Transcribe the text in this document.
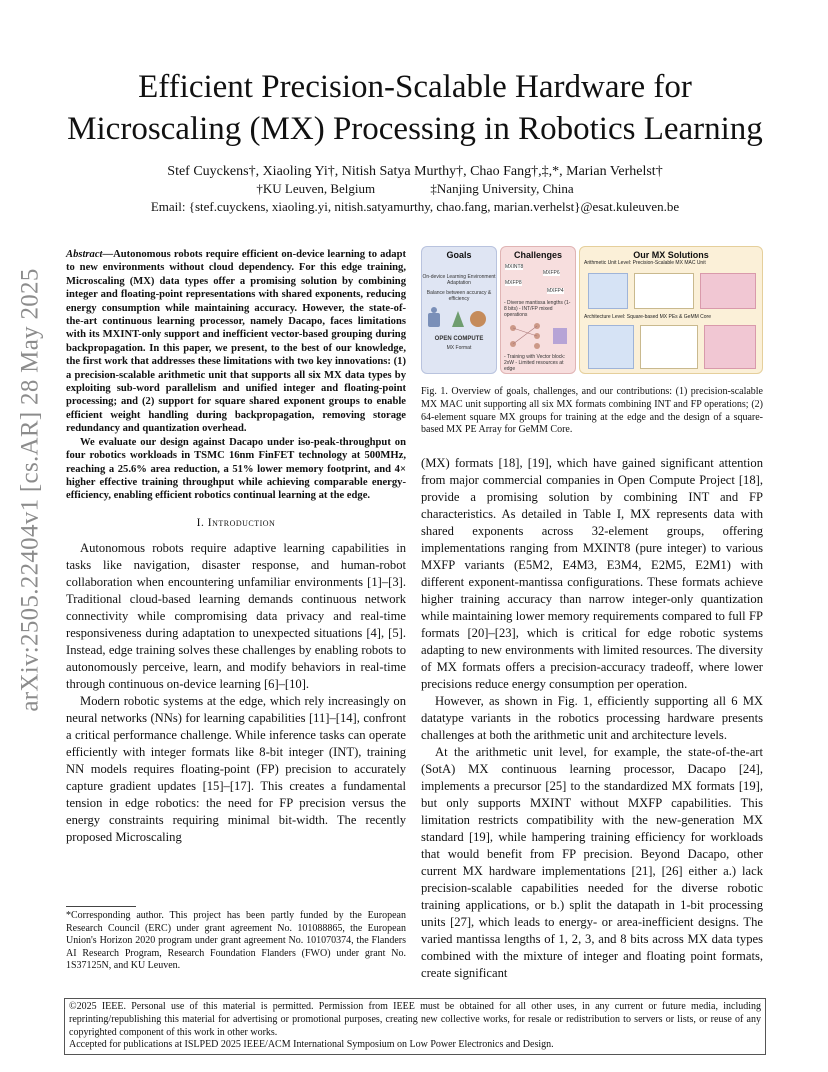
arXiv:2505.22404v1 [cs.AR] 28 May 2025
Efficient Precision-Scalable Hardware for
Microscaling (MX) Processing in Robotics Learning
Stef Cuyckens†, Xiaoling Yi†, Nitish Satya Murthy†, Chao Fang†,‡,*, Marian Verhelst†
†KU Leuven, Belgium	‡Nanjing University, China
Email: {stef.cuyckens, xiaoling.yi, nitish.satyamurthy, chao.fang, marian.verhelst}@esat.kuleuven.be

Abstract—Autonomous robots require efficient on-device learning to adapt to new environments without cloud dependency. For this edge training, Microscaling (MX) data types offer a promising solution by combining integer and floating-point representations with shared exponents, reducing energy consumption while maintaining accuracy. However, the state-of-the-art continuous learning processor, namely Dacapo, faces limitations with its MXINT-only support and inefficient vector-based grouping during backpropagation. In this paper, we present, to the best of our knowledge, the first work that addresses these limitations with two key innovations: (1) a precision-scalable arithmetic unit that supports all six MX data types by exploiting sub-word parallelism and unified integer and floating-point processing; and (2) support for square shared exponent groups to enable efficient weight handling during backpropagation, removing storage redundancy and quantization overhead.

We evaluate our design against Dacapo under iso-peak-throughput on four robotics workloads in TSMC 16nm FinFET technology at 500MHz, reaching a 25.6% area reduction, a 51% lower memory footprint, and 4× higher effective training throughput while achieving comparable energy-efficiency, enabling efficient robotics continual learning at the edge.

I. Introduction

Autonomous robots require adaptive learning capabilities in tasks like navigation, disaster response, and human-robot collaboration when encountering unfamiliar environments [1]–[3]. Traditional cloud-based learning demands continuous network connectivity while compromising data privacy and real-time responsiveness during adaptation to unexpected situations [4], [5]. Instead, edge training solves these challenges by enabling robots to autonomously perceive, learn, and modify behaviors in real-time through continuous on-device learning [6]–[10].

Modern robotic systems at the edge, which rely increasingly on neural networks (NNs) for learning capabilities [11]–[14], confront a critical performance challenge. While inference tasks can operate efficiently with integer formats like 8-bit integer (INT), training NN models requires floating-point (FP) precision to accurately capture gradient updates [15]–[17]. This creates a fundamental tension in edge robotics: the need for FP precision versus the energy constraints requiring minimal bit-width. The recently proposed Microscaling

*Corresponding author. This project has been partly funded by the European Research Council (ERC) under grant agreement No. 101088865, the European Union's Horizon 2020 program under grant agreement No. 101070374, the Flanders AI Research Program, Research Foundation Flanders (FWO) under grant No. 1S37125N, and KU Leuven.
Goals
On-device Learning Environment Adaptation
Balance between accuracy & efficiency
OPEN COMPUTE
MX Format
Challenges
MXINT8
MXFP6
MXFP8
MXFP4
- Diverse mantissa lengths (1-8 bits) - INT/FP mixed operations
- Training with Vector block: 2xW - Limited resources at edge
Our MX Solutions
Arithmetic Unit Level: Precision-Scalable MX MAC Unit
Architecture Level: Square-based MX PEs & GeMM Core
Fig. 1. Overview of goals, challenges, and our contributions: (1) precision-scalable MX MAC unit supporting all six MX formats combining INT and FP operations; (2) 64-element square MX groups for training at the edge and the design of a square-based MX PE Array for GeMM Core.

(MX) formats [18], [19], which have gained significant attention from major commercial companies in Open Compute Project [18], provide a promising solution by combining INT and FP characteristics. As detailed in Table I, MX represents data with shared exponents across 32-element groups, offering implementations ranging from MXINT8 (pure integer) to various MXFP variants (E5M2, E4M3, E3M4, E2M5, E2M1) with different exponent-mantissa configurations. These formats achieve higher training accuracy than narrow integer-only quantization while maintaining lower memory requirements compared to full FP formats [20]–[23], which is critical for edge robotic systems adapting to new environments with limited resources. The diversity of MX formats offers a precision-accuracy tradeoff, where lower precisions reduce energy consumption per operation.

However, as shown in Fig. 1, efficiently supporting all 6 MX datatype variants in the robotics processing hardware presents challenges at both the arithmetic unit and architecture levels.

At the arithmetic unit level, for example, the state-of-the-art (SotA) MX continuous learning processor, Dacapo [24], implements a precursor [25] to the standardized MX formats [19], but only supports MXINT without MXFP capabilities. This limitation restricts compatibility with the new-generation MX standard [19], while hampering training efficiency for workloads that would benefit from FP precision. Beyond Dacapo, other current MX hardware implementations [21], [26] either a.) lack precision-scalable capabilities needed for the diverse robotic training applications, or b.) split the datapath in 1-bit processing units [27], which leads to energy- or area-inefficient designs. The varied mantissa lengths of 1, 2, 3, and 8 bits across MX data types combined with the mixture of integer and floating point formats, create significant

©2025 IEEE. Personal use of this material is permitted. Permission from IEEE must be obtained for all other uses, in any current or future media, including reprinting/republishing this material for advertising or promotional purposes, creating new collective works, for resale or redistribution to servers or lists, or reuse of any copyrighted component of this work in other works.
Accepted for publications at ISLPED 2025 IEEE/ACM International Symposium on Low Power Electronics and Design.
